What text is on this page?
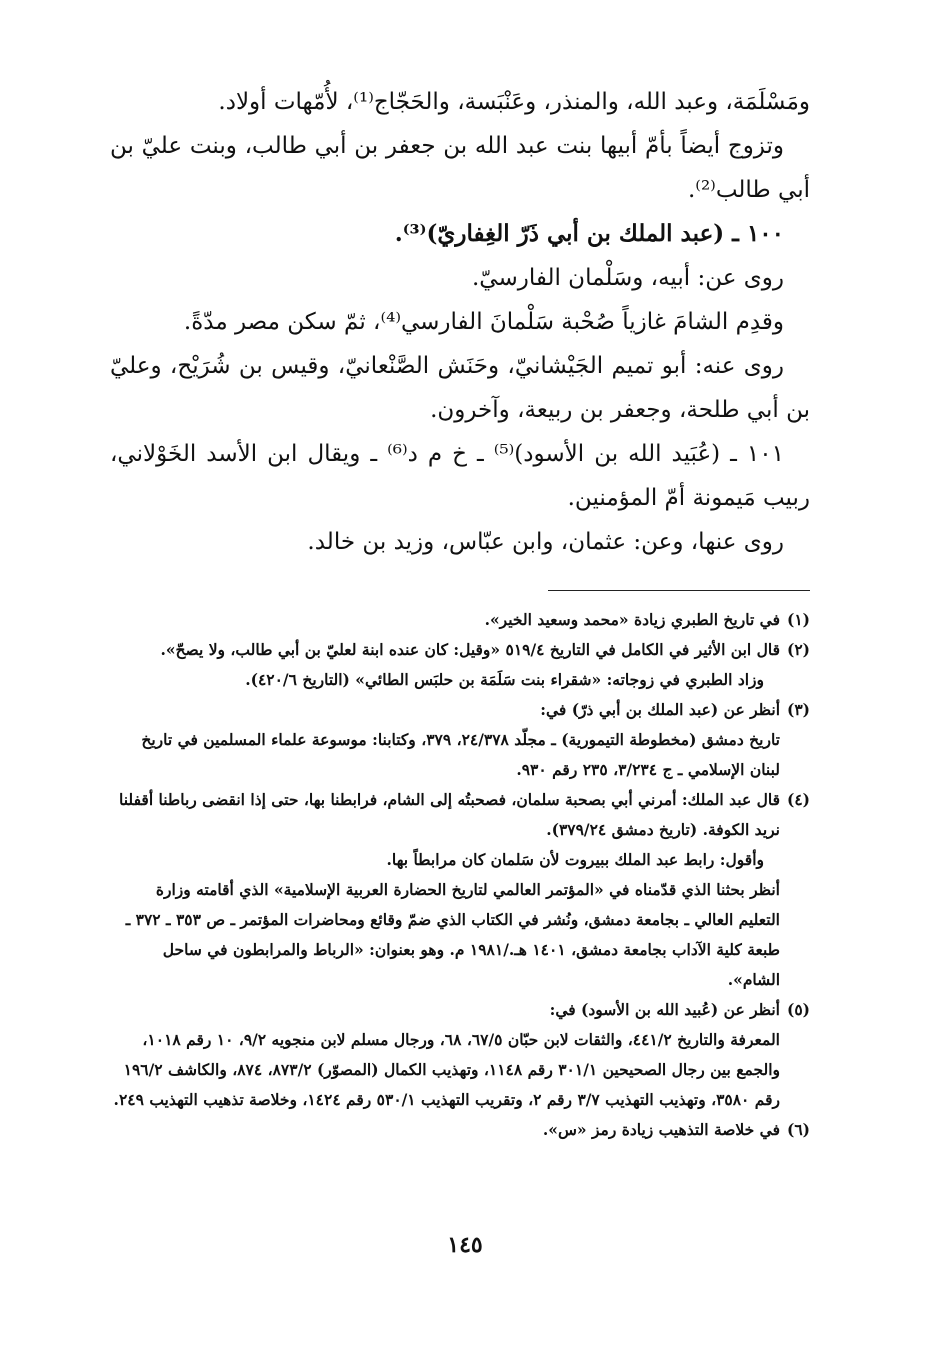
ومَسْلَمَة، وعبد الله، والمنذر، وعَنْبَسة، والحَجّاج⁽¹⁾، لأُمّهات أولاد.

وتزوج أيضاً بأمّ أبيها بنت عبد الله بن جعفر بن أبي طالب، وبنت عليّ بن أبي طالب⁽²⁾.

١٠٠ ـ (عبد الملك بن أبي ذَرّ الغِفاريّ)⁽³⁾.

روى عن: أبيه، وسَلْمان الفارسيّ.

وقدِم الشامَ غازياً صُحْبة سَلْمانَ الفارسي⁽⁴⁾، ثمّ سكن مصر مدّةً.

روى عنه: أبو تميم الجَيْشانيّ، وحَنَش الصَّنْعانيّ، وقيس بن شُرَيْح، وعليّ بن أبي طلحة، وجعفر بن ربيعة، وآخرون.

١٠١ ـ (عُبَيد الله بن الأسود)⁽⁵⁾ ـ خ م د⁽⁶⁾ ـ ويقال ابن الأسد الخَوْلاني، ربيب مَيمونة أمّ المؤمنين.

روى عنها، وعن: عثمان، وابن عبّاس، وزيد بن خالد.

(١)
في تاريخ الطبري زيادة «محمد وسعيد الخير».
(٢)
قال ابن الأثير في الكامل في التاريخ ٥١٩/٤ «وقيل: كان عنده ابنة لعليّ بن أبي طالب، ولا يصحّ».
وزاد الطبري في زوجاته: «شقراء بنت سَلَمَة بن حلبَس الطائي» (التاريخ ٤٢٠/٦).
(٣)
أنظر عن (عبد الملك بن أبي ذرّ) في:
تاريخ دمشق (مخطوطة التيمورية) ـ مجلّد ٢٤/٣٧٨، ٣٧٩، وكتابنا: موسوعة علماء المسلمين في تاريخ لبنان الإسلامي ـ ج ٣/٢٣٤، ٢٣٥ رقم ٩٣٠.
(٤)
قال عبد الملك: أمرني أبي بصحبة سلمان، فصحبتُه إلى الشام، فرابطنا بها، حتى إذا انقضى رباطنا أقفلنا نريد الكوفة. (تاريخ دمشق ٣٧٩/٢٤).
وأقول: رابط عبد الملك ببيروت لأن سَلمان كان مرابطاً بها.
أنظر بحثنا الذي قدّمناه في «المؤتمر العالمي لتاريخ الحضارة العربية الإسلامية» الذي أقامته وزارة التعليم العالي ـ بجامعة دمشق، ونُشر في الكتاب الذي ضمّ وقائع ومحاضرات المؤتمر ـ ص ٣٥٣ ـ ٣٧٢ ـ طبعة كلية الآداب بجامعة دمشق، ١٤٠١ هـ./١٩٨١ م. وهو بعنوان: «الرباط والمرابطون في ساحل الشام».
(٥)
أنظر عن (عُبيد الله بن الأسود) في:
المعرفة والتاريخ ٤٤١/٢، والثقات لابن حبّان ٦٧/٥، ٦٨، ورجال مسلم لابن منجويه ٩/٢، ١٠ رقم ١٠١٨، والجمع بين رجال الصحيحين ٣٠١/١ رقم ١١٤٨، وتهذيب الكمال (المصوّر) ٨٧٣/٢، ٨٧٤، والكاشف ١٩٦/٢ رقم ٣٥٨٠، وتهذيب التهذيب ٣/٧ رقم ٢، وتقريب التهذيب ٥٣٠/١ رقم ١٤٢٤، وخلاصة تذهيب التهذيب ٢٤٩.
(٦)
في خلاصة التذهيب زيادة رمز «س».
١٤٥
